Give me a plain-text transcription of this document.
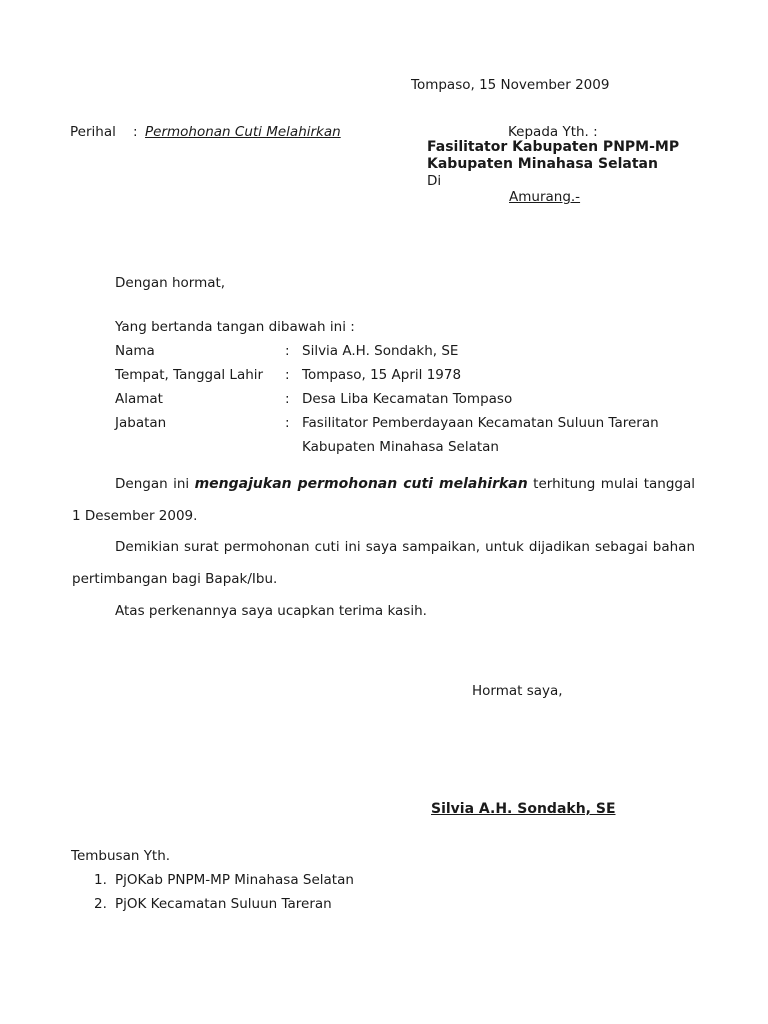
Tompaso, 15 November 2009
Perihal : Permohonan Cuti Melahirkan	Kepada Yth. :
Fasilitator Kabupaten PNPM-MP
Kabupaten Minahasa Selatan
Di
Amurang.-
Dengan hormat,
Yang bertanda tangan dibawah ini :
Nama	: Silvia A.H. Sondakh, SE
Tempat, Tanggal Lahir : Tompaso, 15 April 1978
Alamat	: Desa Liba Kecamatan Tompaso
Jabatan	: Fasilitator Pemberdayaan Kecamatan Suluun Tareran
Kabupaten Minahasa Selatan
Dengan ini mengajukan permohonan cuti melahirkan terhitung mulai tanggal
1 Desember 2009.
Demikian surat permohonan cuti ini saya sampaikan, untuk dijadikan sebagai bahan
pertimbangan bagi Bapak/Ibu.
Atas perkenannya saya ucapkan terima kasih.
Hormat saya,
Silvia A.H. Sondakh, SE
Tembusan Yth.
1. PjOKab PNPM-MP Minahasa Selatan
2. PjOK Kecamatan Suluun Tareran
